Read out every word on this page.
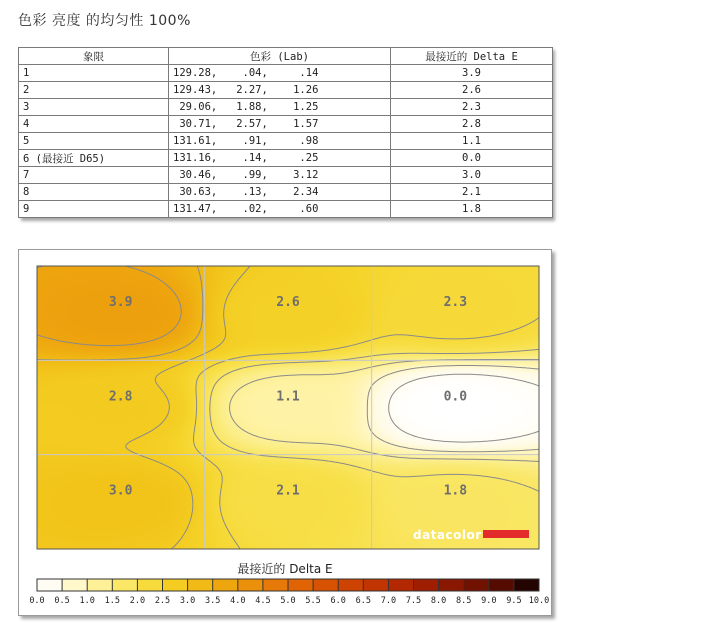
色彩 亮度 的均匀性 100%
象限	色彩 (Lab)	最接近的 Delta E
1	129.28,    .04,     .14	3.9
2	129.43,   2.27,    1.26	2.6
3	29.06,   1.88,    1.25	2.3
4	30.71,   2.57,    1.57	2.8
5	131.61,    .91,     .98	1.1
6 (最接近 D65)	131.16,    .14,     .25	0.0
7	30.46,    .99,    3.12	3.0
8	30.63,    .13,    2.34	2.1
9	131.47,    .02,     .60	1.8
3.9	2.6	2.3
2.8	1.1	0.0
3.0	2.1	1.8
datacolor
最接近的 Delta E
0.0 0.5 1.0 1.5 2.0 2.5 3.0 3.5 4.0 4.5 5.0 5.5 6.0 6.5 7.0 7.5 8.0 8.5 9.0 9.5 10.0
